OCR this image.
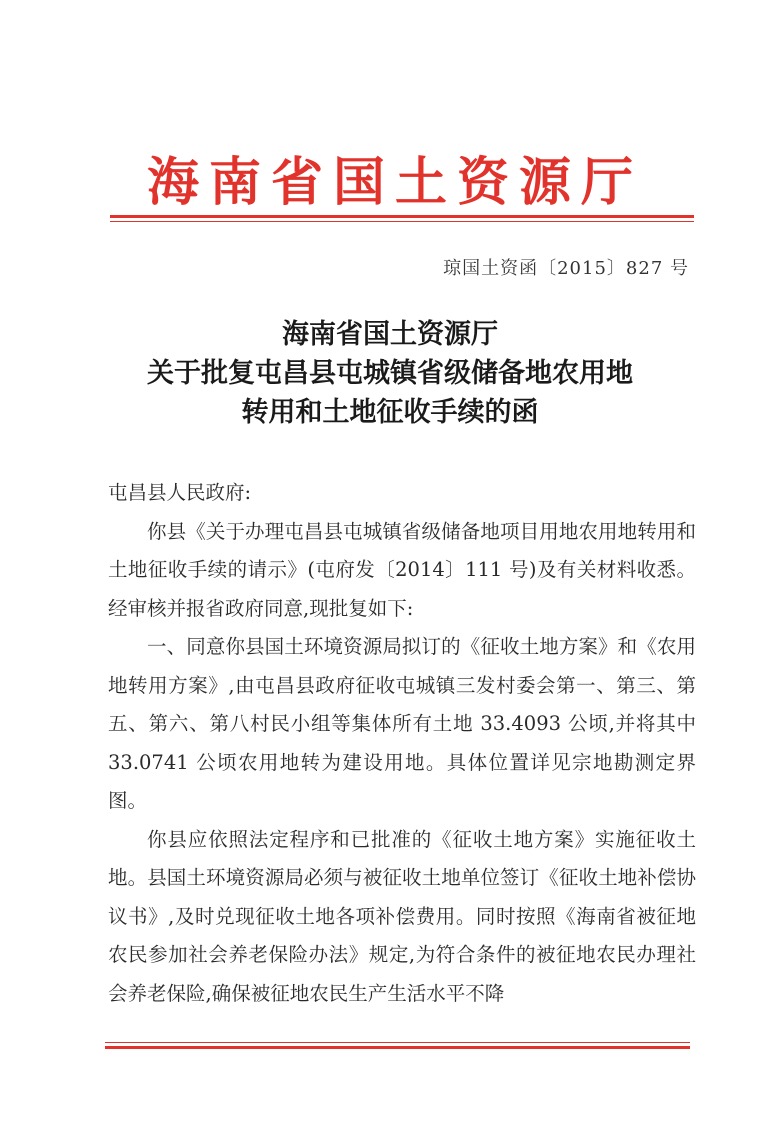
海南省国土资源厅
琼国土资函〔2015〕827 号
海南省国土资源厅
关于批复屯昌县屯城镇省级储备地农用地
转用和土地征收手续的函

屯昌县人民政府:

你县《关于办理屯昌县屯城镇省级储备地项目用地农用地转用和土地征收手续的请示》(屯府发〔2014〕111 号)及有关材料收悉。经审核并报省政府同意,现批复如下:

一、同意你县国土环境资源局拟订的《征收土地方案》和《农用地转用方案》,由屯昌县政府征收屯城镇三发村委会第一、第三、第五、第六、第八村民小组等集体所有土地 33.4093 公顷,并将其中 33.0741 公顷农用地转为建设用地。具体位置详见宗地勘测定界图。

你县应依照法定程序和已批准的《征收土地方案》实施征收土地。县国土环境资源局必须与被征收土地单位签订《征收土地补偿协议书》,及时兑现征收土地各项补偿费用。同时按照《海南省被征地农民参加社会养老保险办法》规定,为符合条件的被征地农民办理社会养老保险,确保被征地农民生产生活水平不降
